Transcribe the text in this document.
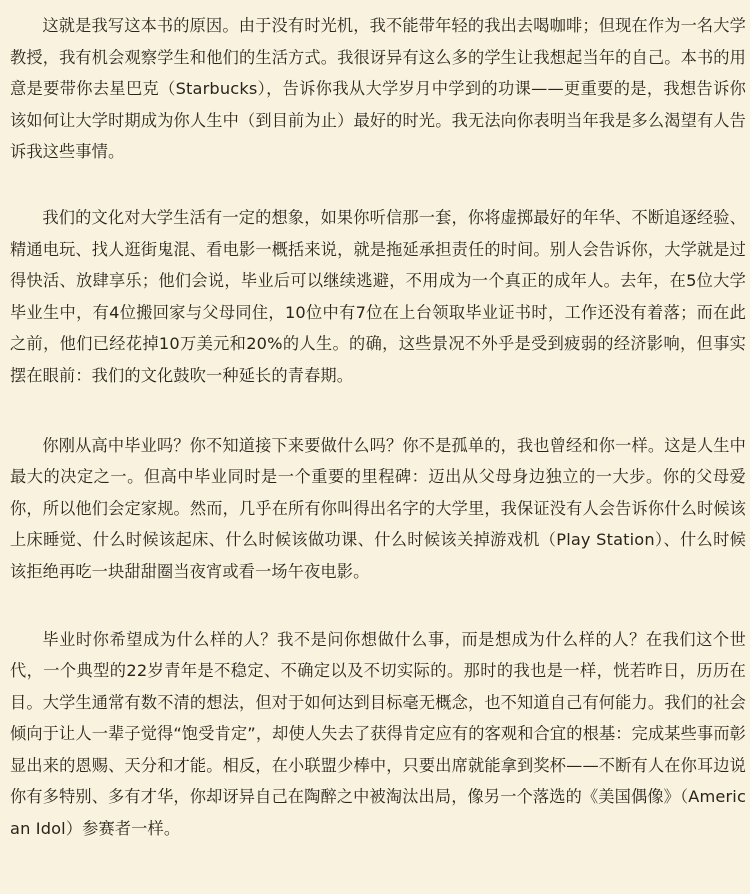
这就是我写这本书的原因。由于没有时光机，我不能带年轻的我出去喝咖啡；但现在作为一名大学教授，我有机会观察学生和他们的生活方式。我很讶异有这么多的学生让我想起当年的自己。本书的用意是要带你去星巴克（Starbucks），告诉你我从大学岁月中学到的功课——更重要的是，我想告诉你该如何让大学时期成为你人生中（到目前为止）最好的时光。我无法向你表明当年我是多么渴望有人告诉我这些事情。

我们的文化对大学生活有一定的想象，如果你听信那一套，你将虚掷最好的年华、不断追逐经验、精通电玩、找人逛街鬼混、看电影一概括来说，就是拖延承担责任的时间。别人会告诉你，大学就是过得快活、放肆享乐；他们会说，毕业后可以继续逃避，不用成为一个真正的成年人。去年，在5位大学毕业生中，有4位搬回家与父母同住，10位中有7位在上台领取毕业证书时，工作还没有着落；而在此之前，他们已经花掉10万美元和20%的人生。的确，这些景况不外乎是受到疲弱的经济影响，但事实摆在眼前：我们的文化鼓吹一种延长的青春期。

你刚从高中毕业吗？你不知道接下来要做什么吗？你不是孤单的，我也曾经和你一样。这是人生中最大的决定之一。但高中毕业同时是一个重要的里程碑：迈出从父母身边独立的一大步。你的父母爱你，所以他们会定家规。然而，几乎在所有你叫得出名字的大学里，我保证没有人会告诉你什么时候该上床睡觉、什么时候该起床、什么时候该做功课、什么时候该关掉游戏机（Play Station）、什么时候该拒绝再吃一块甜甜圈当夜宵或看一场午夜电影。

毕业时你希望成为什么样的人？我不是问你想做什么事，而是想成为什么样的人？在我们这个世代，一个典型的22岁青年是不稳定、不确定以及不切实际的。那时的我也是一样，恍若昨日，历历在目。大学生通常有数不清的想法，但对于如何达到目标毫无概念，也不知道自己有何能力。我们的社会倾向于让人一辈子觉得“饱受肯定”，却使人失去了获得肯定应有的客观和合宜的根基：完成某些事而彰显出来的恩赐、天分和才能。相反，在小联盟少棒中，只要出席就能拿到奖杯——不断有人在你耳边说你有多特别、多有才华，你却讶异自己在陶醉之中被淘汰出局，像另一个落选的《美国偶像》（American Idol）参赛者一样。
